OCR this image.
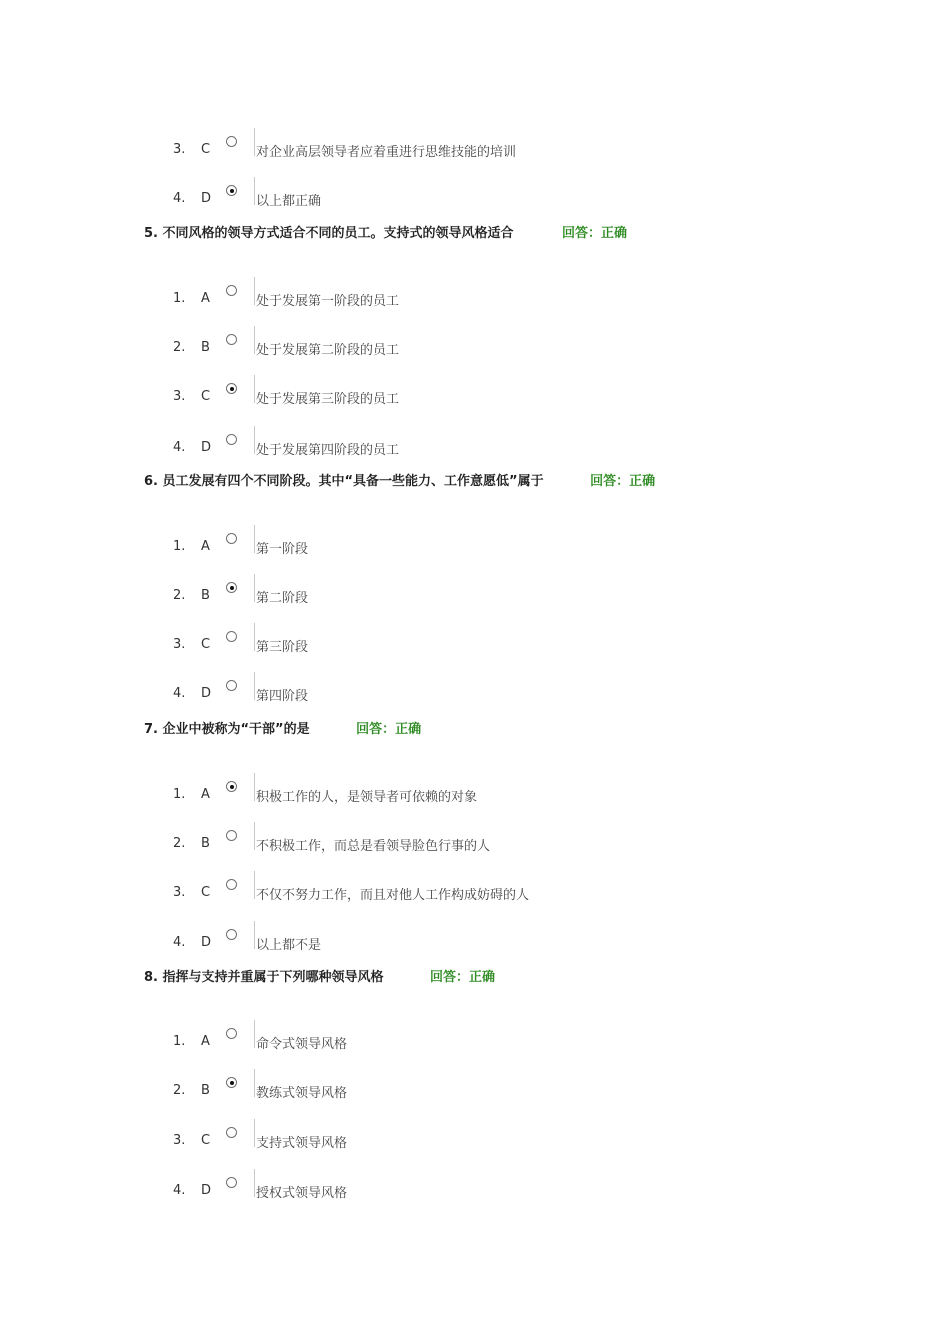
3. C	对企业高层领导者应着重进行思维技能的培训
4. D	以上都正确
5. 不同风格的领导方式适合不同的员工。支持式的领导风格适合	回答：正确
1. A	处于发展第一阶段的员工
2. B	处于发展第二阶段的员工
3. C	处于发展第三阶段的员工
4. D	处于发展第四阶段的员工
6. 员工发展有四个不同阶段。其中“具备一些能力、工作意愿低”属于	回答：正确
1. A	第一阶段
2. B	第二阶段
3. C	第三阶段
4. D	第四阶段
7. 企业中被称为“干部”的是	回答：正确
1. A	积极工作的人，是领导者可依赖的对象
2. B	不积极工作，而总是看领导脸色行事的人
3. C	不仅不努力工作，而且对他人工作构成妨碍的人
4. D	以上都不是
8. 指挥与支持并重属于下列哪种领导风格	回答：正确
1. A	命令式领导风格
2. B	教练式领导风格
3. C	支持式领导风格
4. D	授权式领导风格
